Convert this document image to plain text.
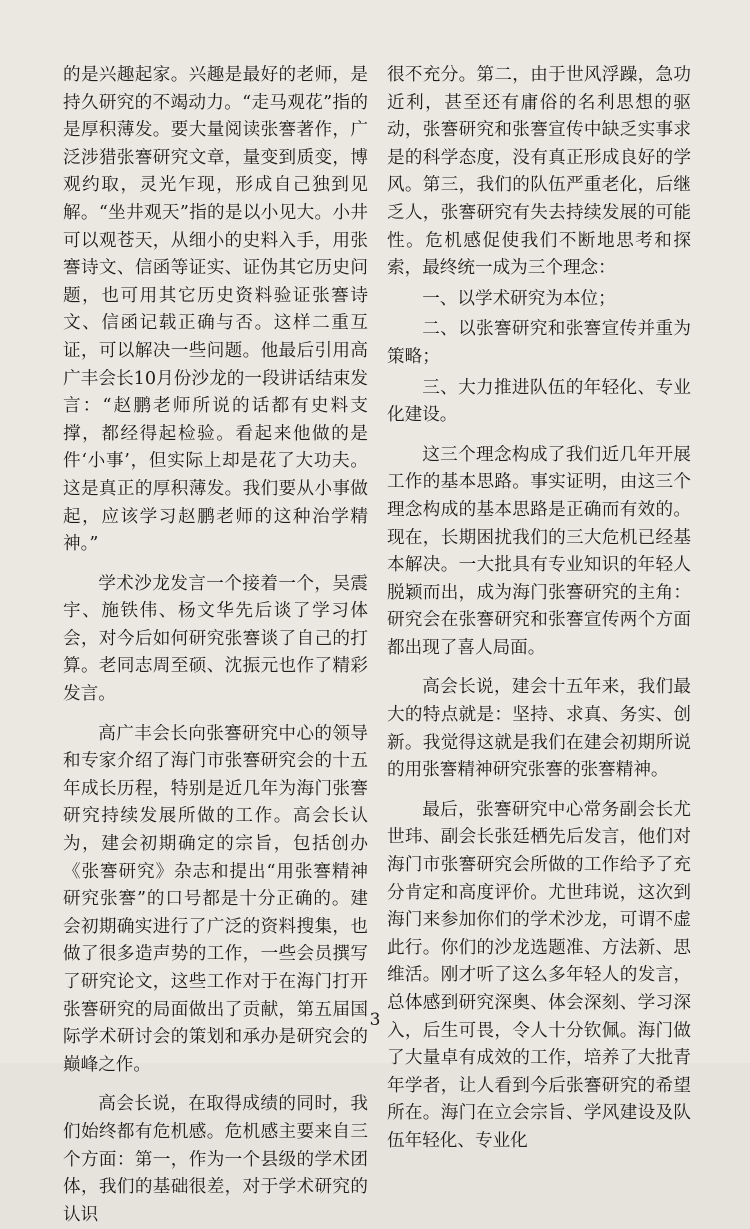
的是兴趣起家。兴趣是最好的老师，是持久研究的不竭动力。“走马观花”指的是厚积薄发。要大量阅读张謇著作，广泛涉猎张謇研究文章，量变到质变，博观约取，灵光乍现，形成自己独到见解。“坐井观天”指的是以小见大。小井可以观苍天，从细小的史料入手，用张謇诗文、信函等证实、证伪其它历史问题，也可用其它历史资料验证张謇诗文、信函记载正确与否。这样二重互证，可以解决一些问题。他最后引用高广丰会长10月份沙龙的一段讲话结束发言：“赵鹏老师所说的话都有史料支撑，都经得起检验。看起来他做的是件‘小事’，但实际上却是花了大功夫。这是真正的厚积薄发。我们要从小事做起，应该学习赵鹏老师的这种治学精神。”

学术沙龙发言一个接着一个，吴震宇、施铁伟、杨文华先后谈了学习体会，对今后如何研究张謇谈了自己的打算。老同志周至硕、沈振元也作了精彩发言。

高广丰会长向张謇研究中心的领导和专家介绍了海门市张謇研究会的十五年成长历程，特别是近几年为海门张謇研究持续发展所做的工作。高会长认为，建会初期确定的宗旨，包括创办《张謇研究》杂志和提出“用张謇精神研究张謇”的口号都是十分正确的。建会初期确实进行了广泛的资料搜集，也做了很多造声势的工作，一些会员撰写了研究论文，这些工作对于在海门打开张謇研究的局面做出了贡献，第五届国际学术研讨会的策划和承办是研究会的巅峰之作。

高会长说，在取得成绩的同时，我们始终都有危机感。危机感主要来自三个方面：第一，作为一个县级的学术团体，我们的基础很差，对于学术研究的认识

很不充分。第二，由于世风浮躁，急功近利，甚至还有庸俗的名利思想的驱动，张謇研究和张謇宣传中缺乏实事求是的科学态度，没有真正形成良好的学风。第三，我们的队伍严重老化，后继乏人，张謇研究有失去持续发展的可能性。危机感促使我们不断地思考和探索，最终统一成为三个理念：

一、以学术研究为本位；

二、以张謇研究和张謇宣传并重为策略；

三、大力推进队伍的年轻化、专业化建设。

这三个理念构成了我们近几年开展工作的基本思路。事实证明，由这三个理念构成的基本思路是正确而有效的。现在，长期困扰我们的三大危机已经基本解决。一大批具有专业知识的年轻人脱颖而出，成为海门张謇研究的主角：研究会在张謇研究和张謇宣传两个方面都出现了喜人局面。

高会长说，建会十五年来，我们最大的特点就是：坚持、求真、务实、创新。我觉得这就是我们在建会初期所说的用张謇精神研究张謇的张謇精神。

最后，张謇研究中心常务副会长尤世玮、副会长张廷栖先后发言，他们对海门市张謇研究会所做的工作给予了充分肯定和高度评价。尤世玮说，这次到海门来参加你们的学术沙龙，可谓不虚此行。你们的沙龙选题准、方法新、思维活。刚才听了这么多年轻人的发言，总体感到研究深奥、体会深刻、学习深入，后生可畏，令人十分钦佩。海门做了大量卓有成效的工作，培养了大批青年学者，让人看到今后张謇研究的希望所在。海门在立会宗旨、学风建设及队伍年轻化、专业化

3
